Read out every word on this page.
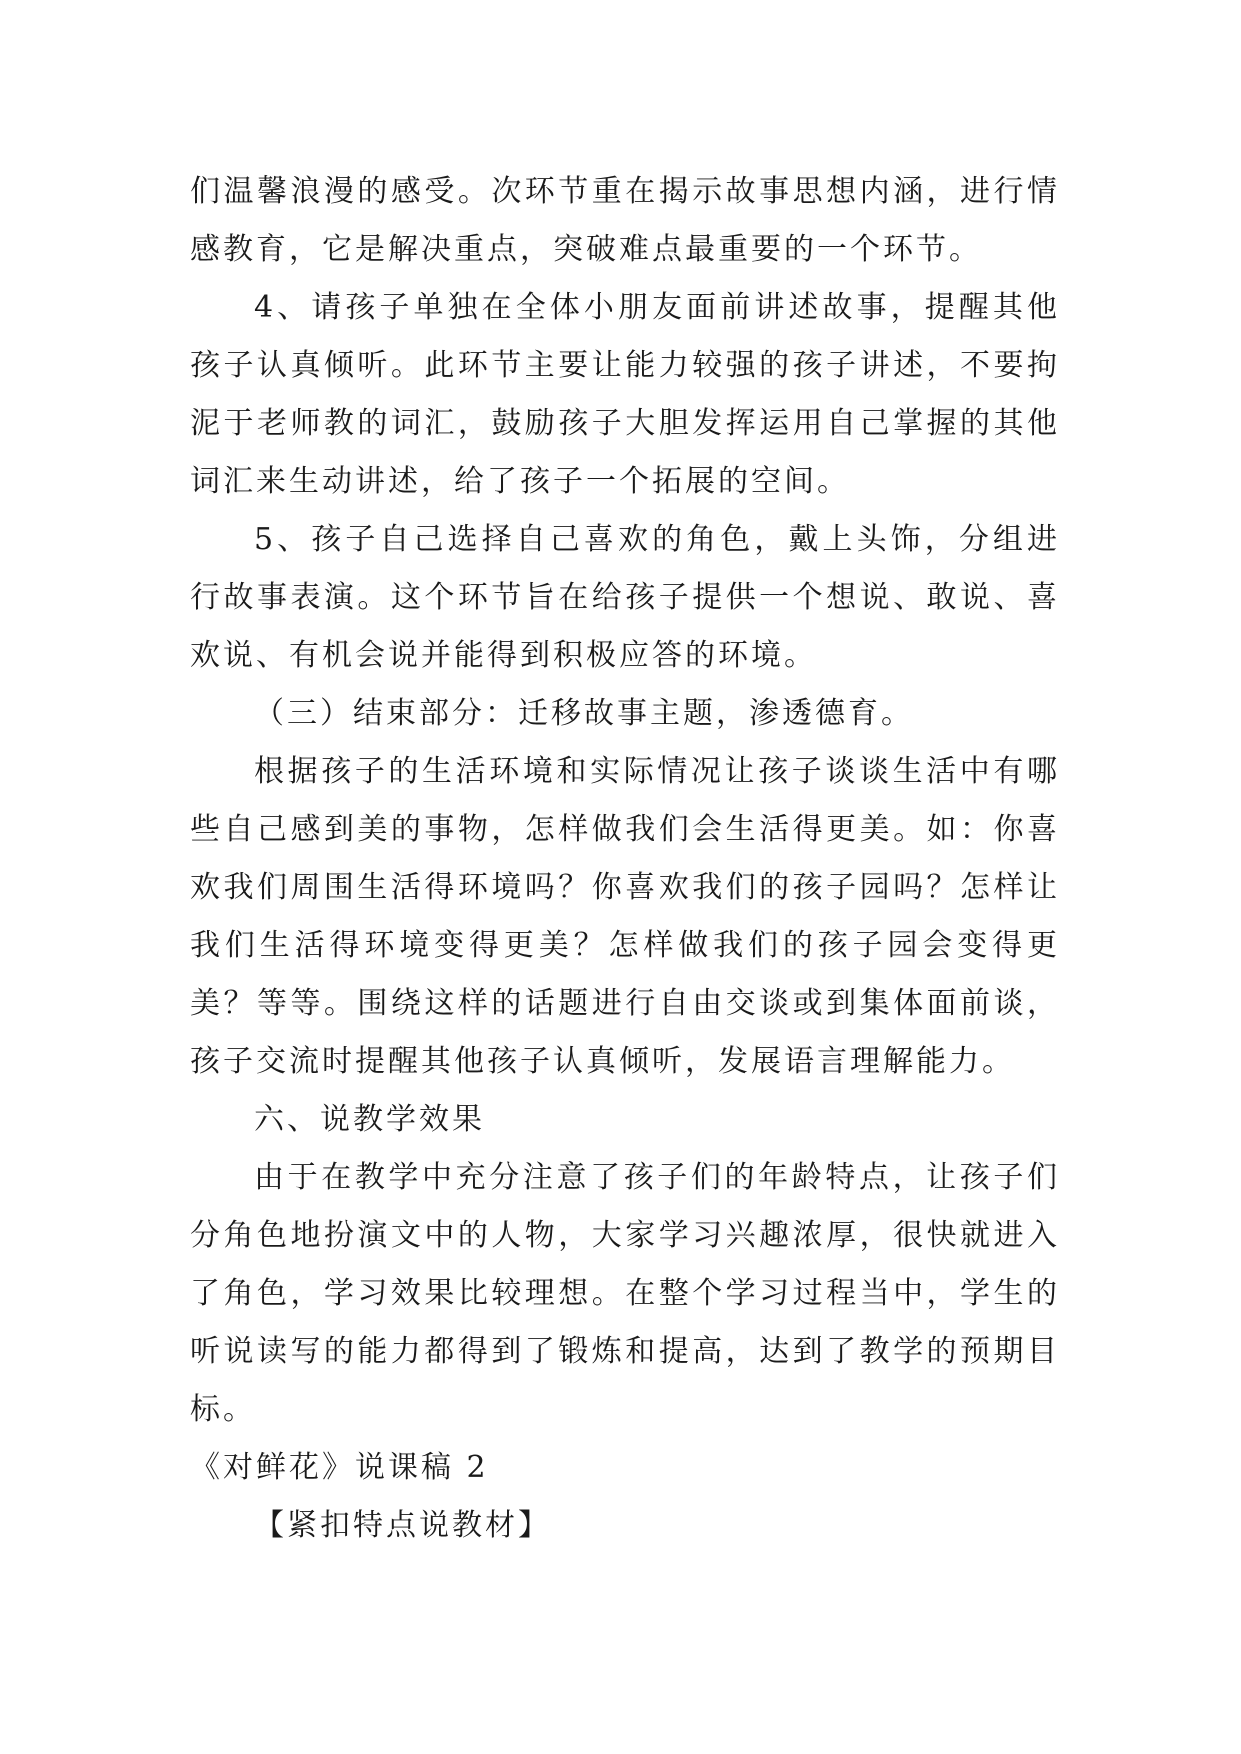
们温馨浪漫的感受。次环节重在揭示故事思想内涵，进行情感教育，它是解决重点，突破难点最重要的一个环节。

4、请孩子单独在全体小朋友面前讲述故事，提醒其他孩子认真倾听。此环节主要让能力较强的孩子讲述，不要拘泥于老师教的词汇，鼓励孩子大胆发挥运用自己掌握的其他词汇来生动讲述，给了孩子一个拓展的空间。

5、孩子自己选择自己喜欢的角色，戴上头饰，分组进行故事表演。这个环节旨在给孩子提供一个想说、敢说、喜欢说、有机会说并能得到积极应答的环境。

（三）结束部分：迁移故事主题，渗透德育。

根据孩子的生活环境和实际情况让孩子谈谈生活中有哪些自己感到美的事物，怎样做我们会生活得更美。如：你喜欢我们周围生活得环境吗？你喜欢我们的孩子园吗？怎样让我们生活得环境变得更美？怎样做我们的孩子园会变得更美？等等。围绕这样的话题进行自由交谈或到集体面前谈，孩子交流时提醒其他孩子认真倾听，发展语言理解能力。

六、说教学效果

由于在教学中充分注意了孩子们的年龄特点，让孩子们分角色地扮演文中的人物，大家学习兴趣浓厚，很快就进入了角色，学习效果比较理想。在整个学习过程当中，学生的听说读写的能力都得到了锻炼和提高，达到了教学的预期目标。

《对鲜花》说课稿 2

【紧扣特点说教材】
